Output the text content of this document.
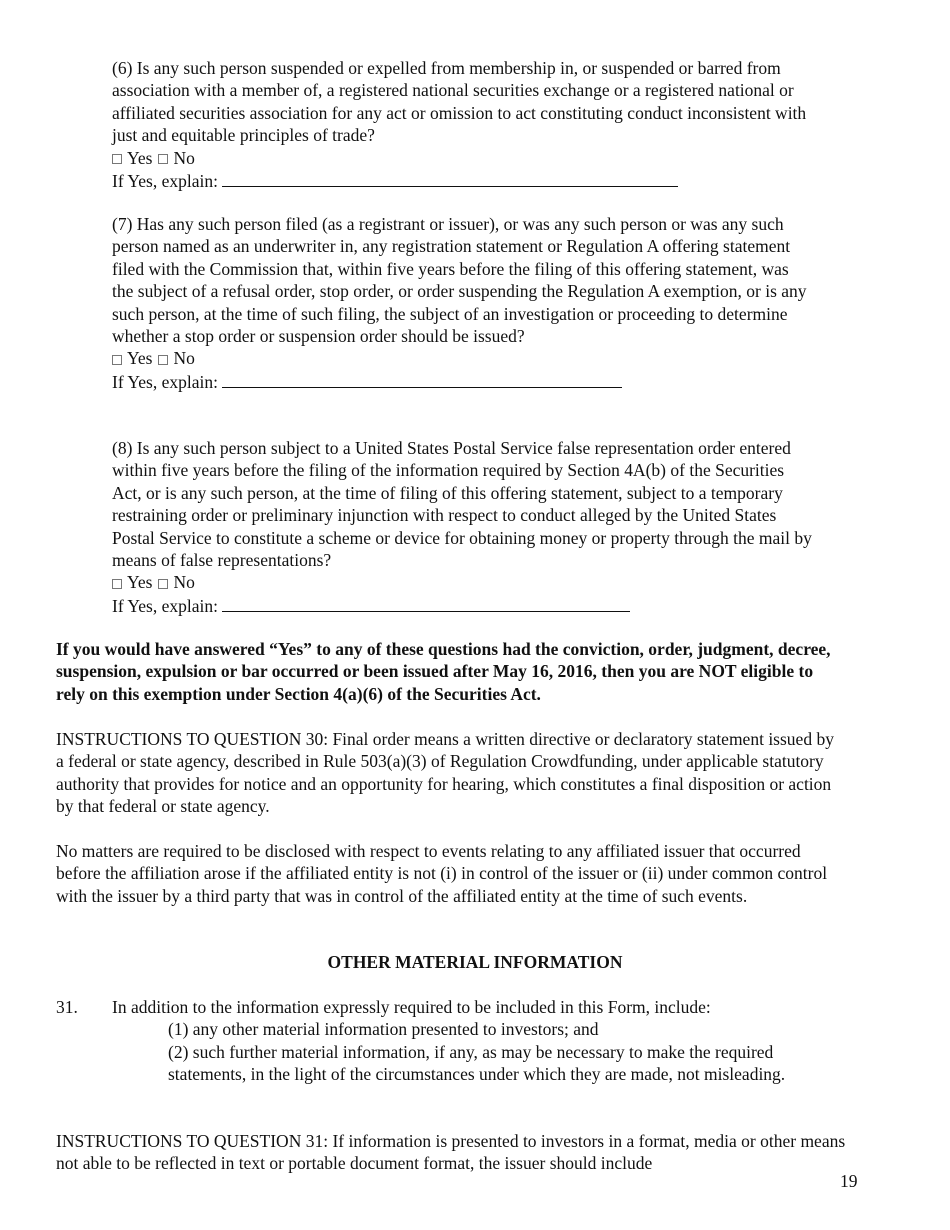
(6) Is any such person suspended or expelled from membership in, or suspended or barred from association with a member of, a registered national securities exchange or a registered national or affiliated securities association for any act or omission to act constituting conduct inconsistent with just and equitable principles of trade?

Yes No
If Yes, explain:

(7) Has any such person filed (as a registrant or issuer), or was any such person or was any such person named as an underwriter in, any registration statement or Regulation A offering statement filed with the Commission that, within five years before the filing of this offering statement, was the subject of a refusal order, stop order, or order suspending the Regulation A exemption, or is any such person, at the time of such filing, the subject of an investigation or proceeding to determine whether a stop order or suspension order should be issued?

Yes No
If Yes, explain:

(8) Is any such person subject to a United States Postal Service false representation order entered within five years before the filing of the information required by Section 4A(b) of the Securities Act, or is any such person, at the time of filing of this offering statement, subject to a temporary restraining order or preliminary injunction with respect to conduct alleged by the United States Postal Service to constitute a scheme or device for obtaining money or property through the mail by means of false representations?

Yes No
If Yes, explain:

If you would have answered “Yes” to any of these questions had the conviction, order, judgment, decree, suspension, expulsion or bar occurred or been issued after May 16, 2016, then you are NOT eligible to rely on this exemption under Section 4(a)(6) of the Securities Act.

INSTRUCTIONS TO QUESTION 30: Final order means a written directive or declaratory statement issued by a federal or state agency, described in Rule 503(a)(3) of Regulation Crowdfunding, under applicable statutory authority that provides for notice and an opportunity for hearing, which constitutes a final disposition or action by that federal or state agency.

No matters are required to be disclosed with respect to events relating to any affiliated issuer that occurred before the affiliation arose if the affiliated entity is not (i) in control of the issuer or (ii) under common control with the issuer by a third party that was in control of the affiliated entity at the time of such events.

OTHER MATERIAL INFORMATION

31. In addition to the information expressly required to be included in this Form, include:

(1) any other material information presented to investors; and

(2) such further material information, if any, as may be necessary to make the required statements, in the light of the circumstances under which they are made, not misleading.

INSTRUCTIONS TO QUESTION 31: If information is presented to investors in a format, media or other means not able to be reflected in text or portable document format, the issuer should include

19
